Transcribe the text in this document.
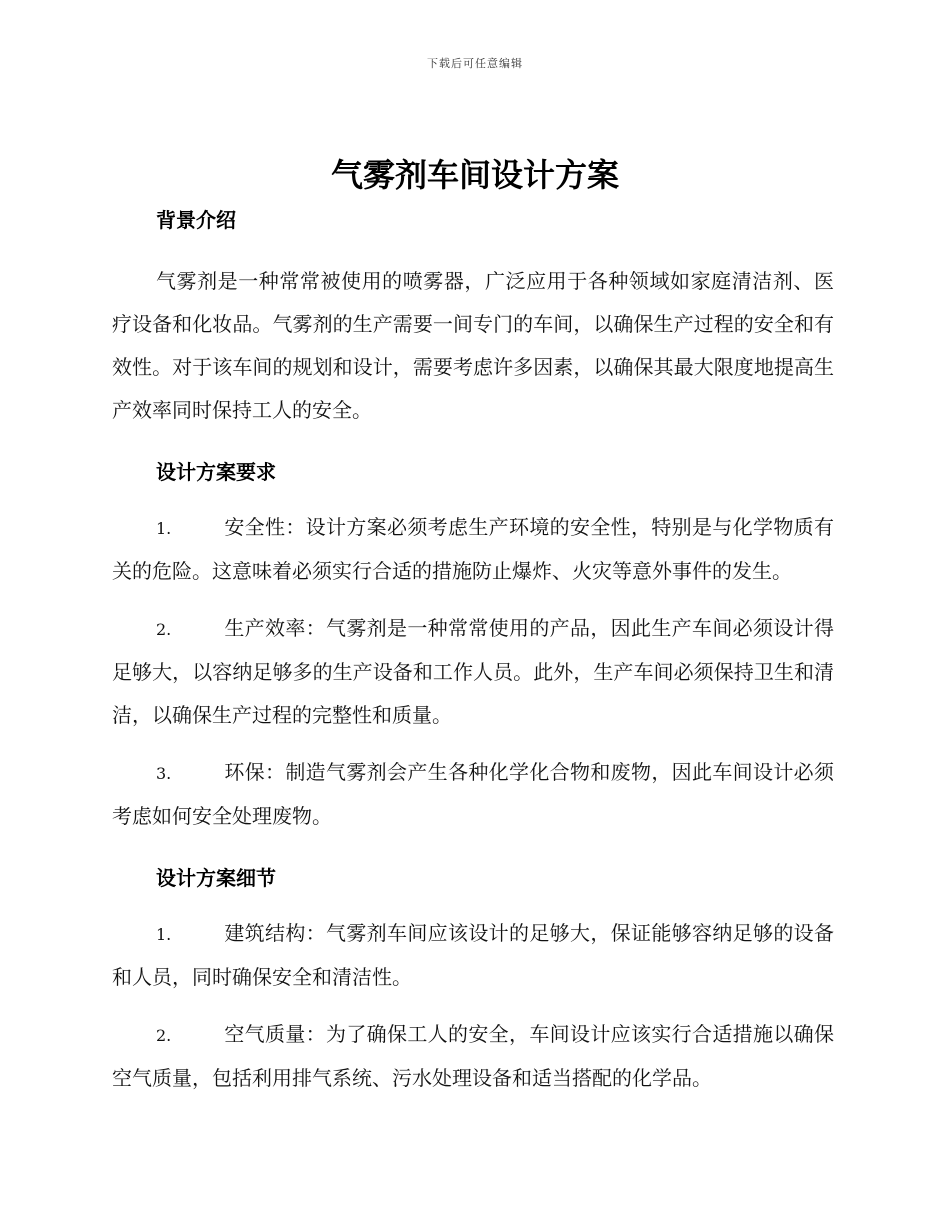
下载后可任意编辑
气雾剂车间设计方案
背景介绍

气雾剂是一种常常被使用的喷雾器，广泛应用于各种领域如家庭清洁剂、医疗设备和化妆品。气雾剂的生产需要一间专门的车间，以确保生产过程的安全和有效性。对于该车间的规划和设计，需要考虑许多因素，以确保其最大限度地提高生产效率同时保持工人的安全。

设计方案要求

1.	安全性：设计方案必须考虑生产环境的安全性，特别是与化学物质有关的危险。这意味着必须实行合适的措施防止爆炸、火灾等意外事件的发生。

2.	生产效率：气雾剂是一种常常使用的产品，因此生产车间必须设计得足够大，以容纳足够多的生产设备和工作人员。此外，生产车间必须保持卫生和清洁，以确保生产过程的完整性和质量。

3.	环保：制造气雾剂会产生各种化学化合物和废物，因此车间设计必须考虑如何安全处理废物。

设计方案细节

1.	建筑结构：气雾剂车间应该设计的足够大，保证能够容纳足够的设备和人员，同时确保安全和清洁性。

2.	空气质量：为了确保工人的安全，车间设计应该实行合适措施以确保空气质量，包括利用排气系统、污水处理设备和适当搭配的化学品。
